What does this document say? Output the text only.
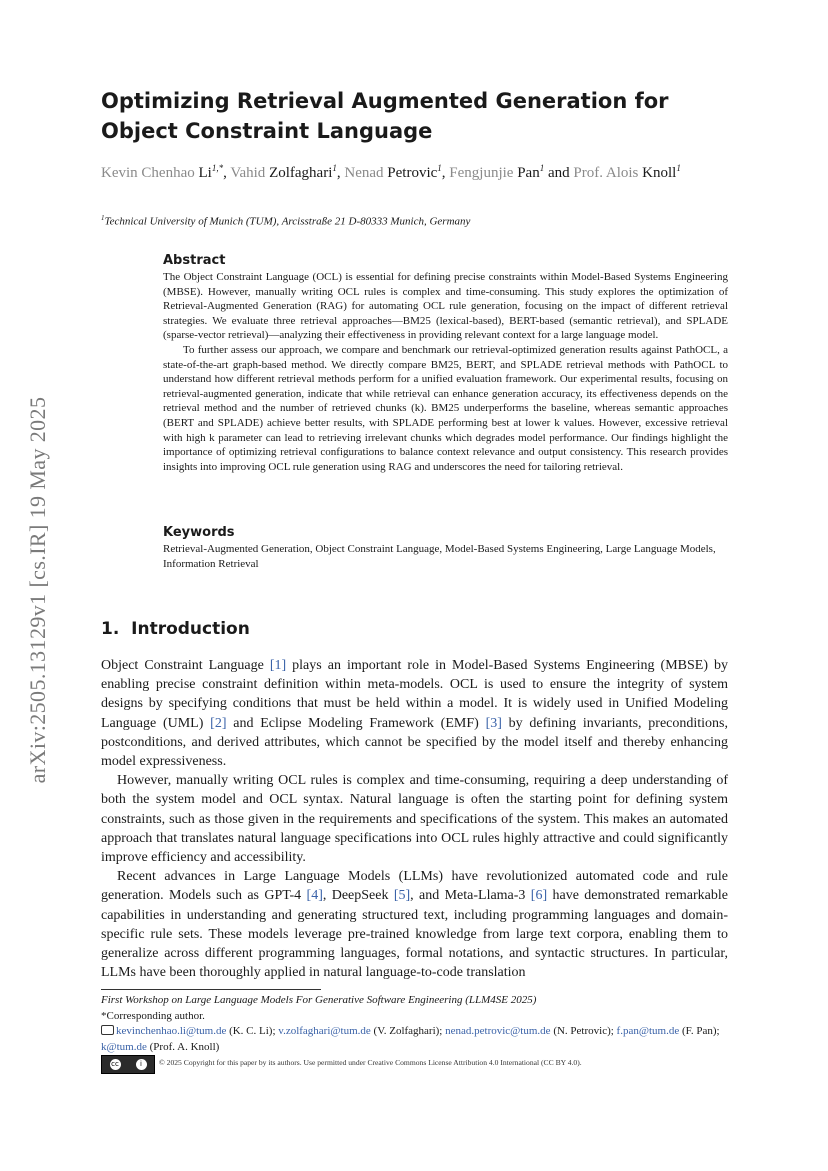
arXiv:2505.13129v1 [cs.IR] 19 May 2025
Optimizing Retrieval Augmented Generation for Object Constraint Language
Kevin Chenhao $Li^{1,*}$, Vahid Zolfaghari$^1$, Nenad Petrovic$^1$, Fengjunjie Pan$^1$ and Prof. Alois Knoll$^1$
$^1$Technical University of Munich (TUM), Arcisstraße 21 D-80333 Munich, Germany
Abstract

The Object Constraint Language (OCL) is essential for defining precise constraints within Model-Based Systems Engineering (MBSE). However, manually writing OCL rules is complex and time-consuming. This study explores the optimization of Retrieval-Augmented Generation (RAG) for automating OCL rule generation, focusing on the impact of different retrieval strategies. We evaluate three retrieval approaches—BM25 (lexical-based), BERT-based (semantic retrieval), and SPLADE (sparse-vector retrieval)—analyzing their effectiveness in providing relevant context for a large language model.

To further assess our approach, we compare and benchmark our retrieval-optimized generation results against PathOCL, a state-of-the-art graph-based method. We directly compare BM25, BERT, and SPLADE retrieval methods with PathOCL to understand how different retrieval methods perform for a unified evaluation framework. Our experimental results, focusing on retrieval-augmented generation, indicate that while retrieval can enhance generation accuracy, its effectiveness depends on the retrieval method and the number of retrieved chunks (k). BM25 underperforms the baseline, whereas semantic approaches (BERT and SPLADE) achieve better results, with SPLADE performing best at lower k values. However, excessive retrieval with high k parameter can lead to retrieving irrelevant chunks which degrades model performance. Our findings highlight the importance of optimizing retrieval configurations to balance context relevance and output consistency. This research provides insights into improving OCL rule generation using RAG and underscores the need for tailoring retrieval.

Keywords

Retrieval-Augmented Generation, Object Constraint Language, Model-Based Systems Engineering, Large Language Models, Information Retrieval

1. Introduction

Object Constraint Language [1] plays an important role in Model-Based Systems Engineering (MBSE) by enabling precise constraint definition within meta-models. OCL is used to ensure the integrity of system designs by specifying conditions that must be held within a model. It is widely used in Unified Modeling Language (UML) [2] and Eclipse Modeling Framework (EMF) [3] by defining invariants, preconditions, postconditions, and derived attributes, which cannot be specified by the model itself and thereby enhancing model expressiveness.

However, manually writing OCL rules is complex and time-consuming, requiring a deep understanding of both the system model and OCL syntax. Natural language is often the starting point for defining system constraints, such as those given in the requirements and specifications of the system. This makes an automated approach that translates natural language specifications into OCL rules highly attractive and could significantly improve efficiency and accessibility.

Recent advances in Large Language Models (LLMs) have revolutionized automated code and rule generation. Models such as GPT-4 [4], DeepSeek [5], and Meta-Llama-3 [6] have demonstrated remarkable capabilities in understanding and generating structured text, including programming languages and domain-specific rule sets. These models leverage pre-trained knowledge from large text corpora, enabling them to generalize across different programming languages, formal notations, and syntactic structures. In particular, LLMs have been thoroughly applied in natural language-to-code translation

First Workshop on Large Language Models For Generative Software Engineering (LLM4SE 2025)
*Corresponding author.
kevinchenhao.li@tum.de (K. C. Li); v.zolfaghari@tum.de (V. Zolfaghari); nenad.petrovic@tum.de (N. Petrovic); f.pan@tum.de (F. Pan); k@tum.de (Prof. A. Knoll)
cc	i	© 2025 Copyright for this paper by its authors. Use permitted under Creative Commons License Attribution 4.0 International (CC BY 4.0).
